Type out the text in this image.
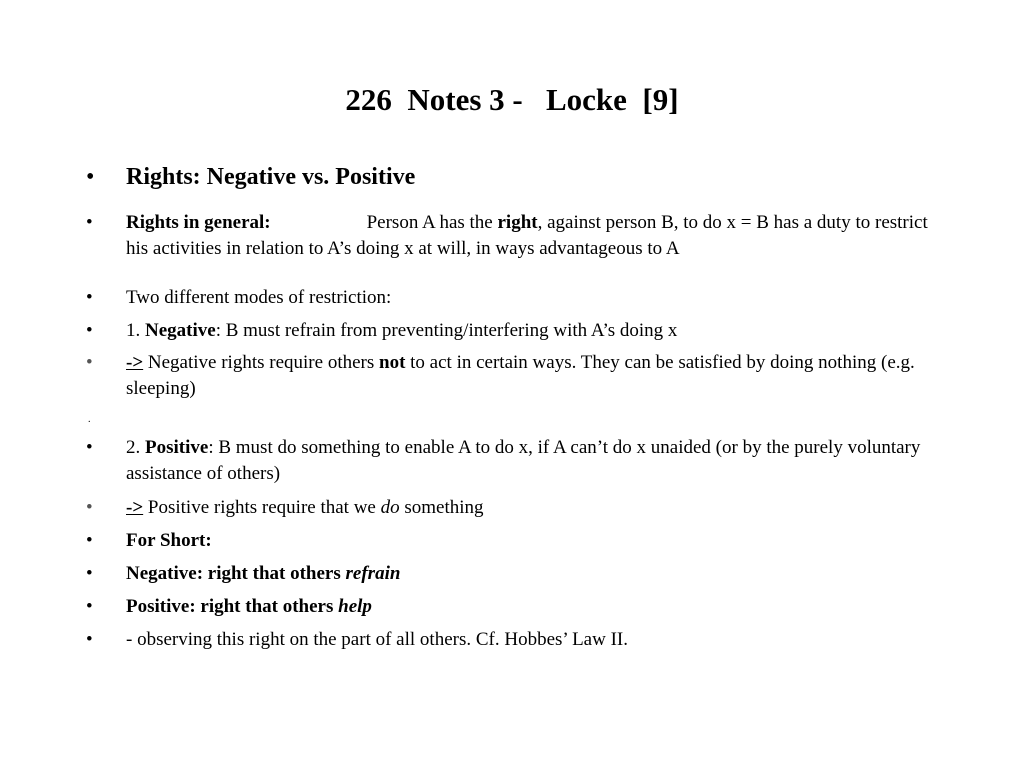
226  Notes 3 -   Locke  [9]
•	Rights: Negative vs. Positive
•	Rights in general:	Person A has the right, against person B, to do x = B has a duty to restrict his activities in relation to A’s doing x at will, in ways advantageous to A
•	Two different modes of restriction:
•	1. Negative: B must refrain from preventing/interfering with A’s doing x
•	-> Negative rights require others not to act in certain ways. They can be satisfied by doing nothing (e.g. sleeping)
.
•	2. Positive: B must do something to enable A to do x, if A can’t do x unaided (or by the purely voluntary assistance of others)
•	-> Positive rights require that we do something
•	For Short:
•	Negative: right that others refrain
•	Positive: right that others help
•	- observing this right on the part of all others. Cf. Hobbes’ Law II.
